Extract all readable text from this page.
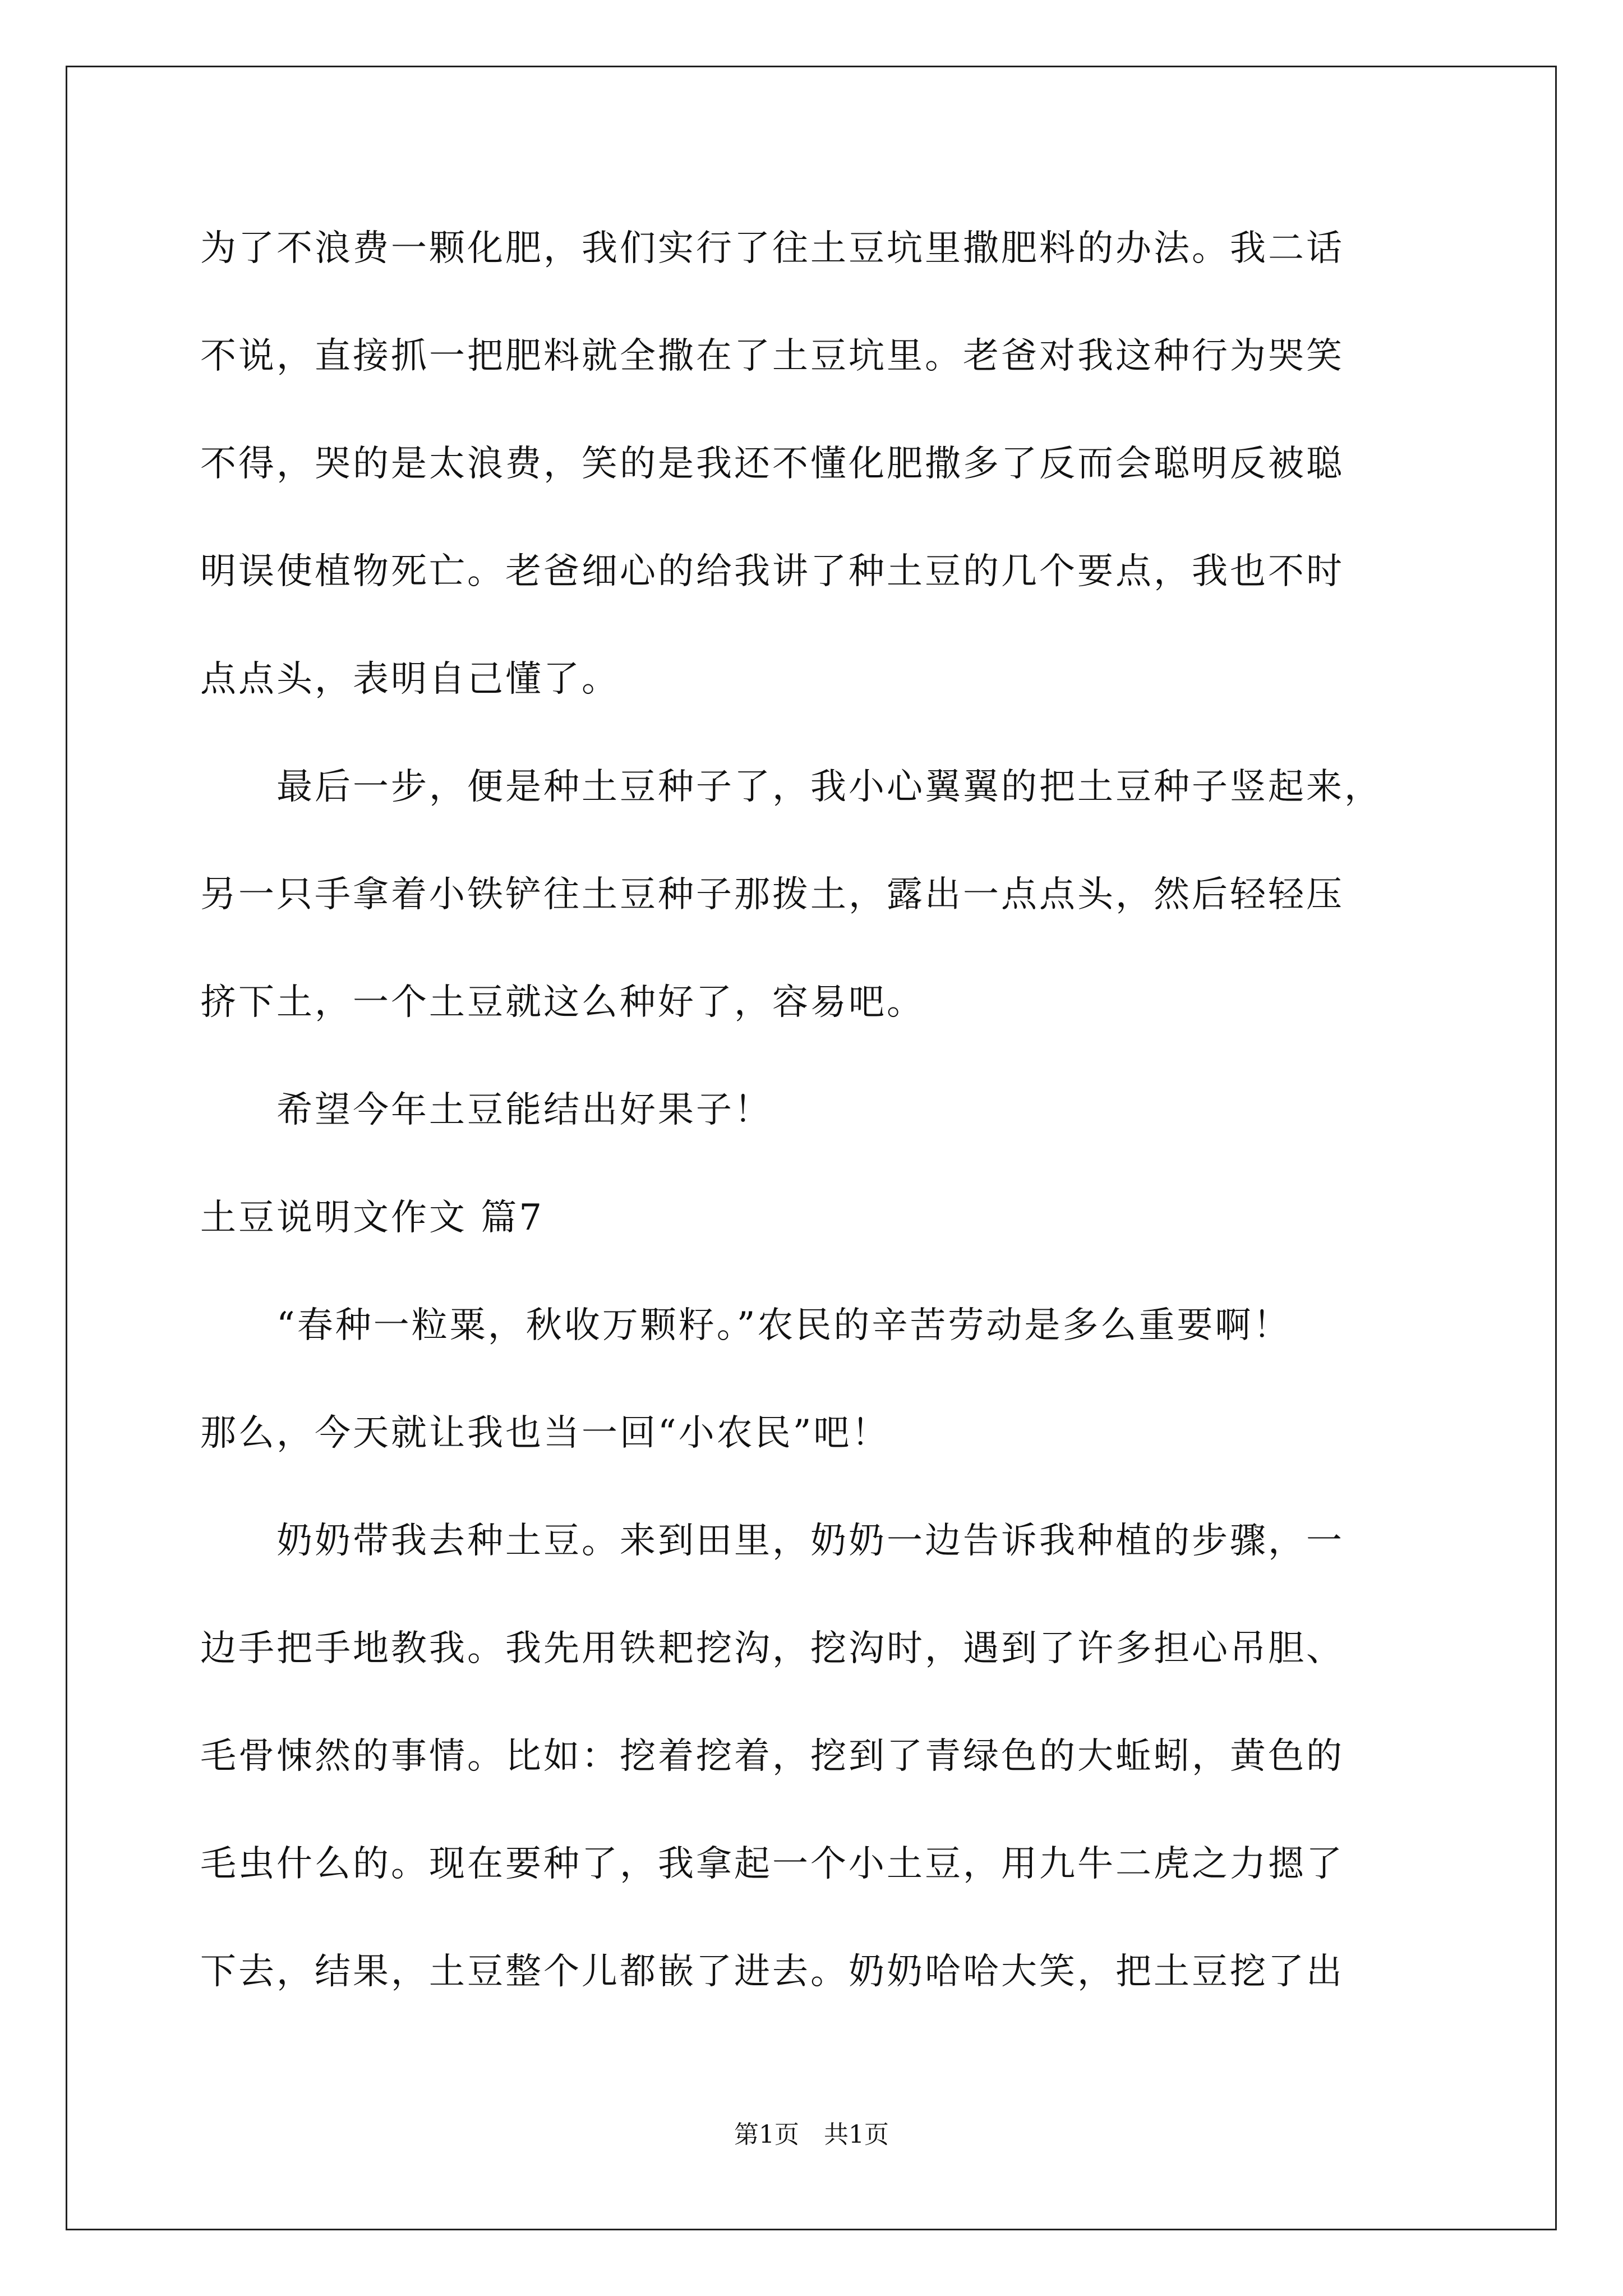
为了不浪费一颗化肥，我们实行了往土豆坑里撒肥料的办法。我二话
不说，直接抓一把肥料就全撒在了土豆坑里。老爸对我这种行为哭笑
不得，哭的是太浪费，笑的是我还不懂化肥撒多了反而会聪明反被聪
明误使植物死亡。老爸细心的给我讲了种土豆的几个要点，我也不时
点点头，表明自己懂了。
　　最后一步，便是种土豆种子了，我小心翼翼的把土豆种子竖起来，
另一只手拿着小铁铲往土豆种子那拨土，露出一点点头，然后轻轻压
挤下土，一个土豆就这么种好了，容易吧。
　　希望今年土豆能结出好果子！
土豆说明文作文 篇7
　　“春种一粒粟，秋收万颗籽。”农民的辛苦劳动是多么重要啊！
那么，今天就让我也当一回“小农民”吧！
　　奶奶带我去种土豆。来到田里，奶奶一边告诉我种植的步骤，一
边手把手地教我。我先用铁耙挖沟，挖沟时，遇到了许多担心吊胆、
毛骨悚然的事情。比如：挖着挖着，挖到了青绿色的大蚯蚓，黄色的
毛虫什么的。现在要种了，我拿起一个小土豆，用九牛二虎之力摁了
下去，结果，土豆整个儿都嵌了进去。奶奶哈哈大笑，把土豆挖了出
第1页　共1页
